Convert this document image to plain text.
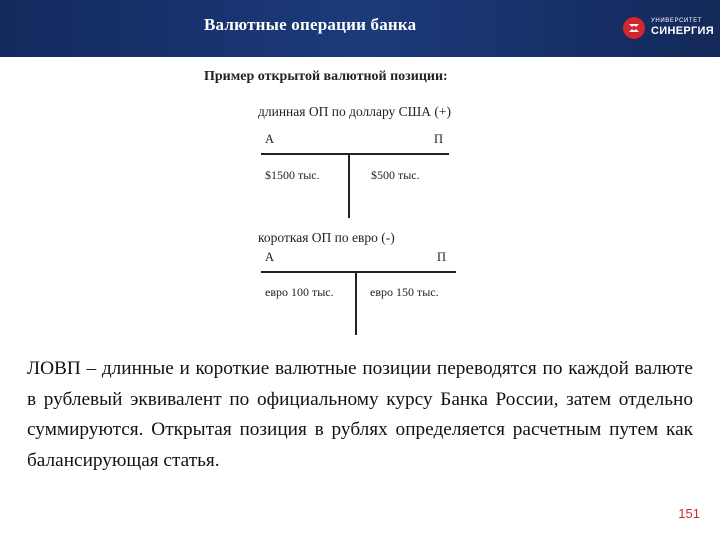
Валютные операции банка	УНИВЕРСИТЕТ
СИНЕРГИЯ
Пример открытой валютной позиции:
длинная ОП по доллару США (+)
А	П
$1500 тыс.	$500 тыс.
короткая ОП по евро (-)
А	П
евро 100 тыс.	евро 150 тыс.
ЛОВП – длинные и короткие валютные позиции переводятся по каждой валюте в рублевый эквивалент по официальному курсу Банка России, затем отдельно суммируются. Открытая позиция в рублях определяется расчетным путем как балансирующая статья.
151
